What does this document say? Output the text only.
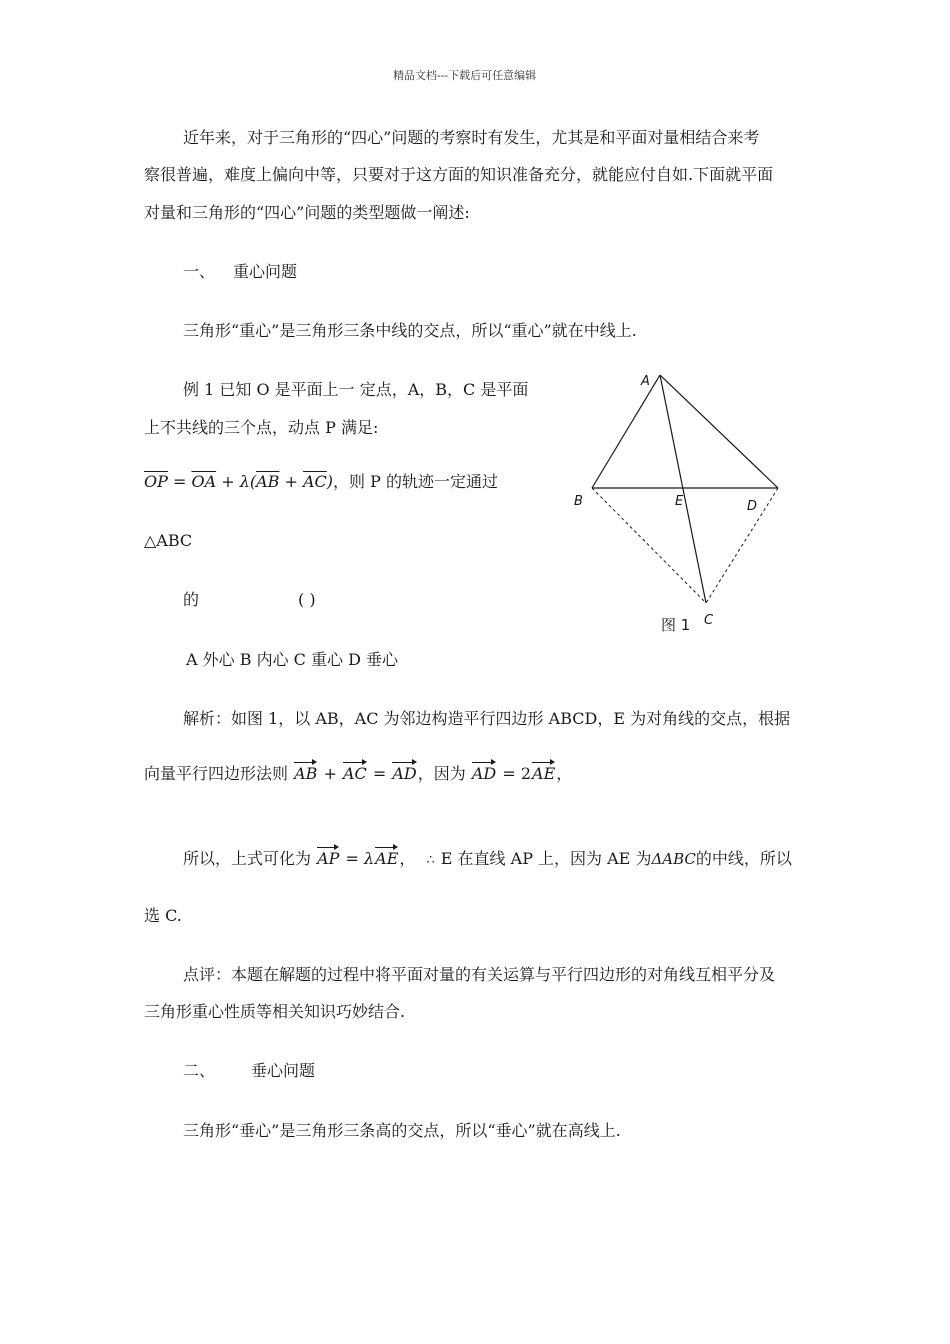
精品文档---下载后可任意编辑
近年来，对于三角形的“四心”问题的考察时有发生，尤其是和平面对量相结合来考
察很普遍，难度上偏向中等，只要对于这方面的知识准备充分，就能应付自如.下面就平面
对量和三角形的“四心”问题的类型题做一阐述:
一、 重心问题
三角形“重心”是三角形三条中线的交点，所以“重心”就在中线上.
例 1 已知 O 是平面上一 定点，A，B，C 是平面
上不共线的三个点，动点 P 满足:
$\overline{OP} = \overline{OA} + \lambda(\overline{AB} + \overline{AC})$，则 P 的轨迹一定通过
△ABC
的	( )
A 外心 B 内心 C 重心 D 垂心
A
B	E	D
C
图 1
解析：如图 1，以 AB，AC 为邻边构造平行四边形 ABCD，E 为对角线的交点，根据
向量平行四边形法则 AB + AC = AD，因为 AD = 2AE，
所以，上式可化为 AP = λAE， ∴ E 在直线 AP 上，因为 AE 为ΔABC的中线，所以
选 C.
点评：本题在解题的过程中将平面对量的有关运算与平行四边形的对角线互相平分及
三角形重心性质等相关知识巧妙结合.
二、 垂心问题
三角形“垂心”是三角形三条高的交点，所以“垂心”就在高线上.
